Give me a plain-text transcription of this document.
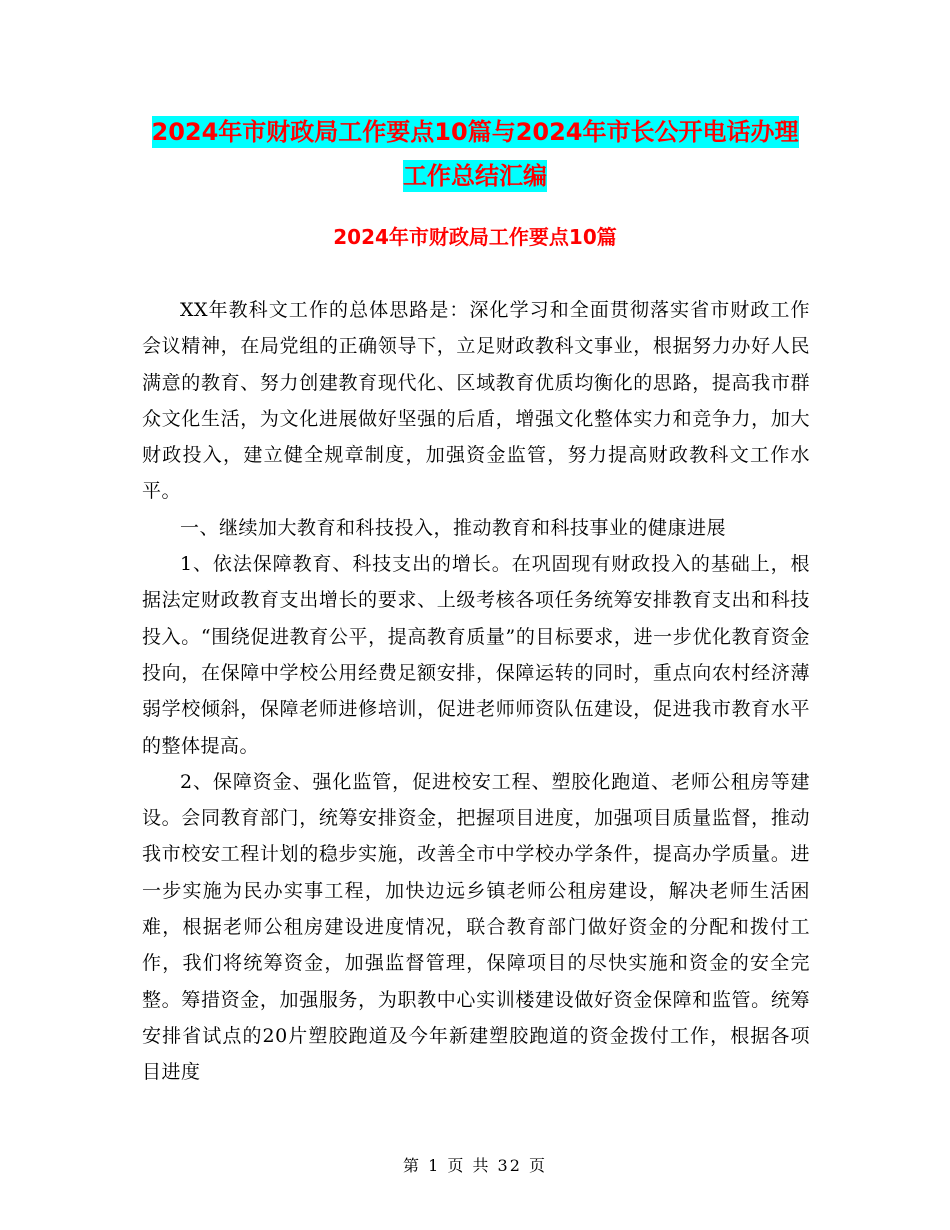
2024年市财政局工作要点10篇与2024年市长公开电话办理工作总结汇编
2024年市财政局工作要点10篇

XX年教科文工作的总体思路是：深化学习和全面贯彻落实省市财政工作会议精神，在局党组的正确领导下，立足财政教科文事业，根据努力办好人民满意的教育、努力创建教育现代化、区域教育优质均衡化的思路，提高我市群众文化生活，为文化进展做好坚强的后盾，增强文化整体实力和竞争力，加大财政投入，建立健全规章制度，加强资金监管，努力提高财政教科文工作水平。

一、继续加大教育和科技投入，推动教育和科技事业的健康进展

1、依法保障教育、科技支出的增长。在巩固现有财政投入的基础上，根据法定财政教育支出增长的要求、上级考核各项任务统筹安排教育支出和科技投入。“围绕促进教育公平，提高教育质量”的目标要求，进一步优化教育资金投向，在保障中学校公用经费足额安排，保障运转的同时，重点向农村经济薄弱学校倾斜，保障老师进修培训，促进老师师资队伍建设，促进我市教育水平的整体提高。

2、保障资金、强化监管，促进校安工程、塑胶化跑道、老师公租房等建设。会同教育部门，统筹安排资金，把握项目进度，加强项目质量监督，推动我市校安工程计划的稳步实施，改善全市中学校办学条件，提高办学质量。进一步实施为民办实事工程，加快边远乡镇老师公租房建设，解决老师生活困难，根据老师公租房建设进度情况，联合教育部门做好资金的分配和拨付工作，我们将统筹资金，加强监督管理，保障项目的尽快实施和资金的安全完整。筹措资金，加强服务，为职教中心实训楼建设做好资金保障和监管。统筹安排省试点的20片塑胶跑道及今年新建塑胶跑道的资金拨付工作，根据各项目进度

第 1 页 共 32 页
